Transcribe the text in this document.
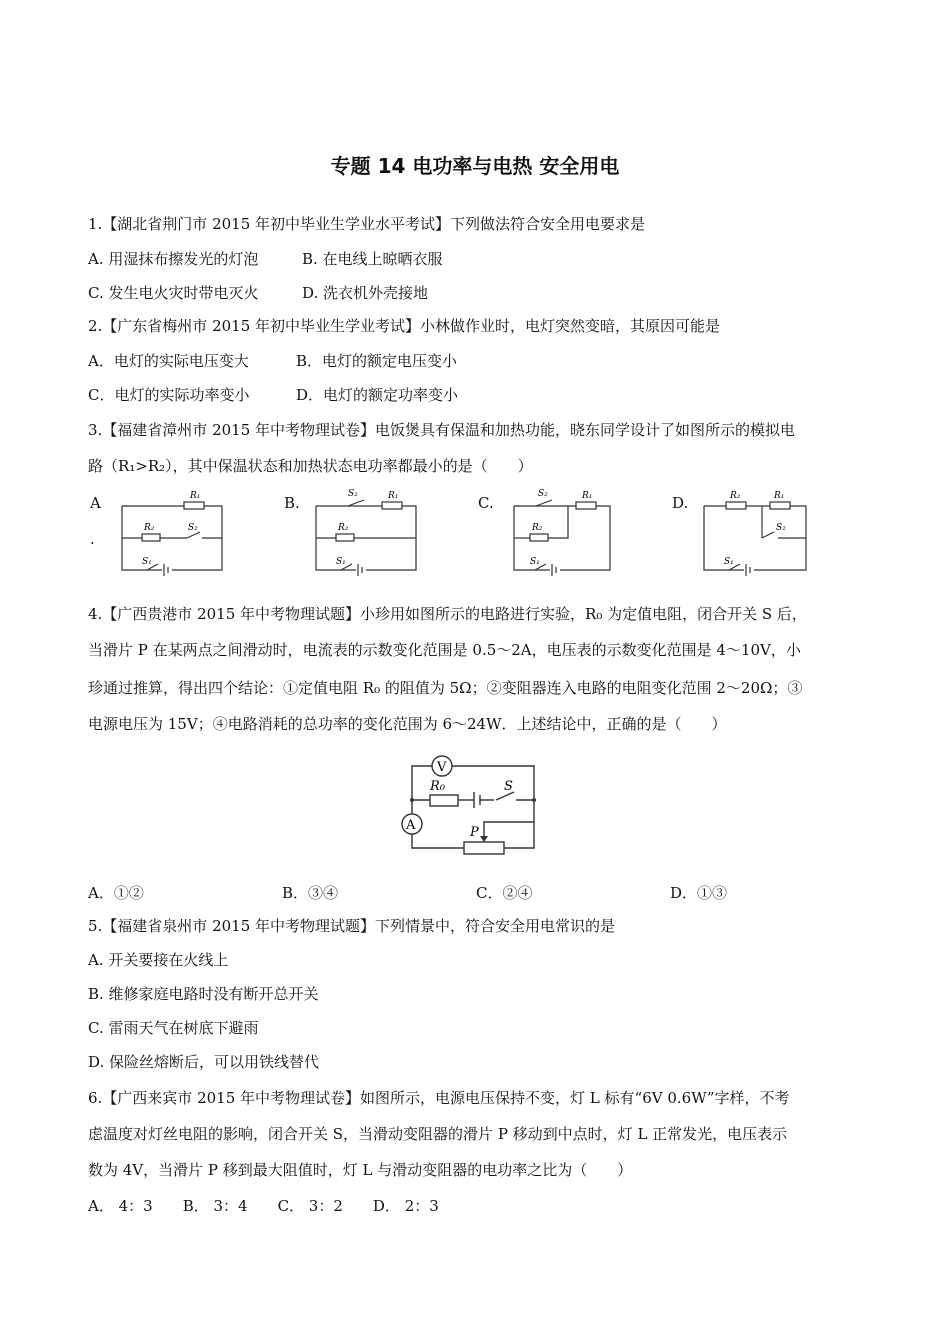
专题 14 电功率与电热 安全用电
1.【湖北省荆门市 2015 年初中毕业生学业水平考试】下列做法符合安全用电要求是
A. 用湿抹布擦发光的灯泡	B. 在电线上晾晒衣服
C. 发生电火灾时带电灭火	D. 洗衣机外壳接地
2.【广东省梅州市 2015 年初中毕业生学业考试】小林做作业时，电灯突然变暗，其原因可能是
A．电灯的实际电压变大	B．电灯的额定电压变小
C．电灯的实际功率变小	D．电灯的额定功率变小
3.【福建省漳州市 2015 年中考物理试卷】电饭煲具有保温和加热功能，晓东同学设计了如图所示的模拟电
路（R₁>R₂），其中保温状态和加热状态电功率都最小的是（　　）
A
.
B.	C.	D.
R₁
R₂	S₂
S₁
R₁
S₂
R₂
S₁
R₁
S₂
R₂
S₁
R₂	R₁
S₂
S₁
4.【广西贵港市 2015 年中考物理试题】小珍用如图所示的电路进行实验，R₀ 为定值电阻，闭合开关 S 后，
当滑片 P 在某两点之间滑动时，电流表的示数变化范围是 0.5～2A，电压表的示数变化范围是 4～10V，小
珍通过推算，得出四个结论：①定值电阻 R₀ 的阻值为 5Ω；②变阻器连入电路的电阻变化范围 2～20Ω；③
电源电压为 15V；④电路消耗的总功率的变化范围为 6～24W．上述结论中，正确的是（　　）
V
A
R₀	S
P
A．①②	B．③④	C．②④	D．①③
5.【福建省泉州市 2015 年中考物理试题】下列情景中，符合安全用电常识的是
A. 开关要接在火线上
B. 维修家庭电路时没有断开总开关
C. 雷雨天气在树底下避雨
D. 保险丝熔断后，可以用铁线替代
6.【广西来宾市 2015 年中考物理试卷】如图所示，电源电压保持不变，灯 L 标有“6V 0.6W”字样，不考
虑温度对灯丝电阻的影响，闭合开关 S，当滑动变阻器的滑片 P 移动到中点时，灯 L 正常发光，电压表示
数为 4V，当滑片 P 移到最大阻值时，灯 L 与滑动变阻器的电功率之比为（　　）
A． 4：3　　B． 3：4　　C． 3：2　　D． 2：3
